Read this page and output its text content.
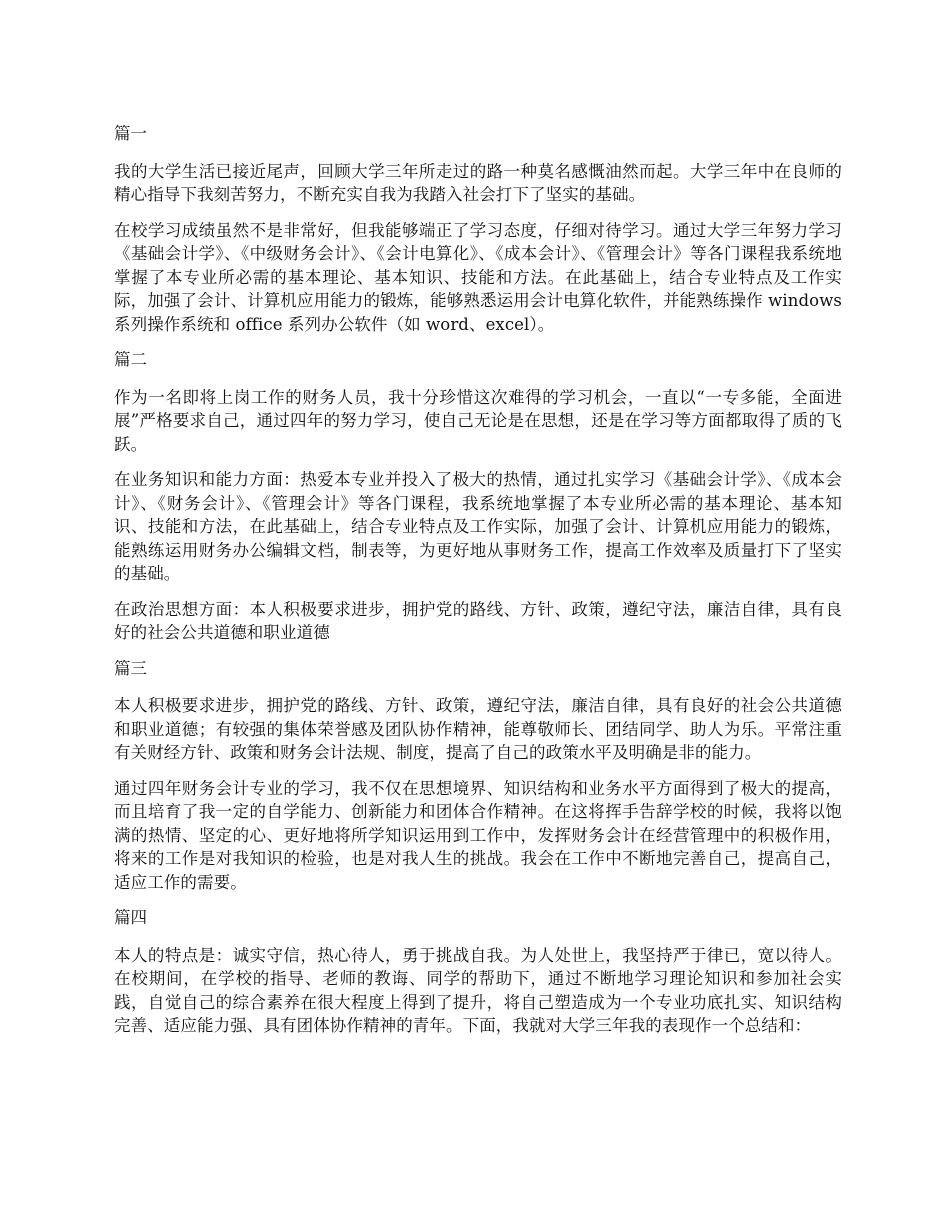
篇一

我的大学生活已接近尾声，回顾大学三年所走过的路一种莫名感慨油然而起。大学三年中在良师的精心指导下我刻苦努力，不断充实自我为我踏入社会打下了坚实的基础。

在校学习成绩虽然不是非常好，但我能够端正了学习态度，仔细对待学习。通过大学三年努力学习《基础会计学》、《中级财务会计》、《会计电算化》、《成本会计》、《管理会计》等各门课程我系统地掌握了本专业所必需的基本理论、基本知识、技能和方法。在此基础上，结合专业特点及工作实际，加强了会计、计算机应用能力的锻炼，能够熟悉运用会计电算化软件，并能熟练操作 windows 系列操作系统和 office 系列办公软件（如 word、excel）。

篇二

作为一名即将上岗工作的财务人员，我十分珍惜这次难得的学习机会，一直以“一专多能，全面进展”严格要求自己，通过四年的努力学习，使自己无论是在思想，还是在学习等方面都取得了质的飞跃。

在业务知识和能力方面：热爱本专业并投入了极大的热情，通过扎实学习《基础会计学》、《成本会计》、《财务会计》、《管理会计》等各门课程，我系统地掌握了本专业所必需的基本理论、基本知识、技能和方法，在此基础上，结合专业特点及工作实际，加强了会计、计算机应用能力的锻炼，能熟练运用财务办公编辑文档，制表等，为更好地从事财务工作，提高工作效率及质量打下了坚实的基础。

在政治思想方面：本人积极要求进步，拥护党的路线、方针、政策，遵纪守法，廉洁自律，具有良好的社会公共道德和职业道德

篇三

本人积极要求进步，拥护党的路线、方针、政策，遵纪守法，廉洁自律，具有良好的社会公共道德和职业道德；有较强的集体荣誉感及团队协作精神，能尊敬师长、团结同学、助人为乐。平常注重有关财经方针、政策和财务会计法规、制度，提高了自己的政策水平及明确是非的能力。

通过四年财务会计专业的学习，我不仅在思想境界、知识结构和业务水平方面得到了极大的提高，而且培育了我一定的自学能力、创新能力和团体合作精神。在这将挥手告辞学校的时候，我将以饱满的热情、坚定的心、更好地将所学知识运用到工作中，发挥财务会计在经营管理中的积极作用，将来的工作是对我知识的检验，也是对我人生的挑战。我会在工作中不断地完善自己，提高自己，适应工作的需要。

篇四

本人的特点是：诚实守信，热心待人，勇于挑战自我。为人处世上，我坚持严于律已，宽以待人。在校期间，在学校的指导、老师的教诲、同学的帮助下，通过不断地学习理论知识和参加社会实践，自觉自己的综合素养在很大程度上得到了提升，将自己塑造成为一个专业功底扎实、知识结构完善、适应能力强、具有团体协作精神的青年。下面，我就对大学三年我的表现作一个总结和：
